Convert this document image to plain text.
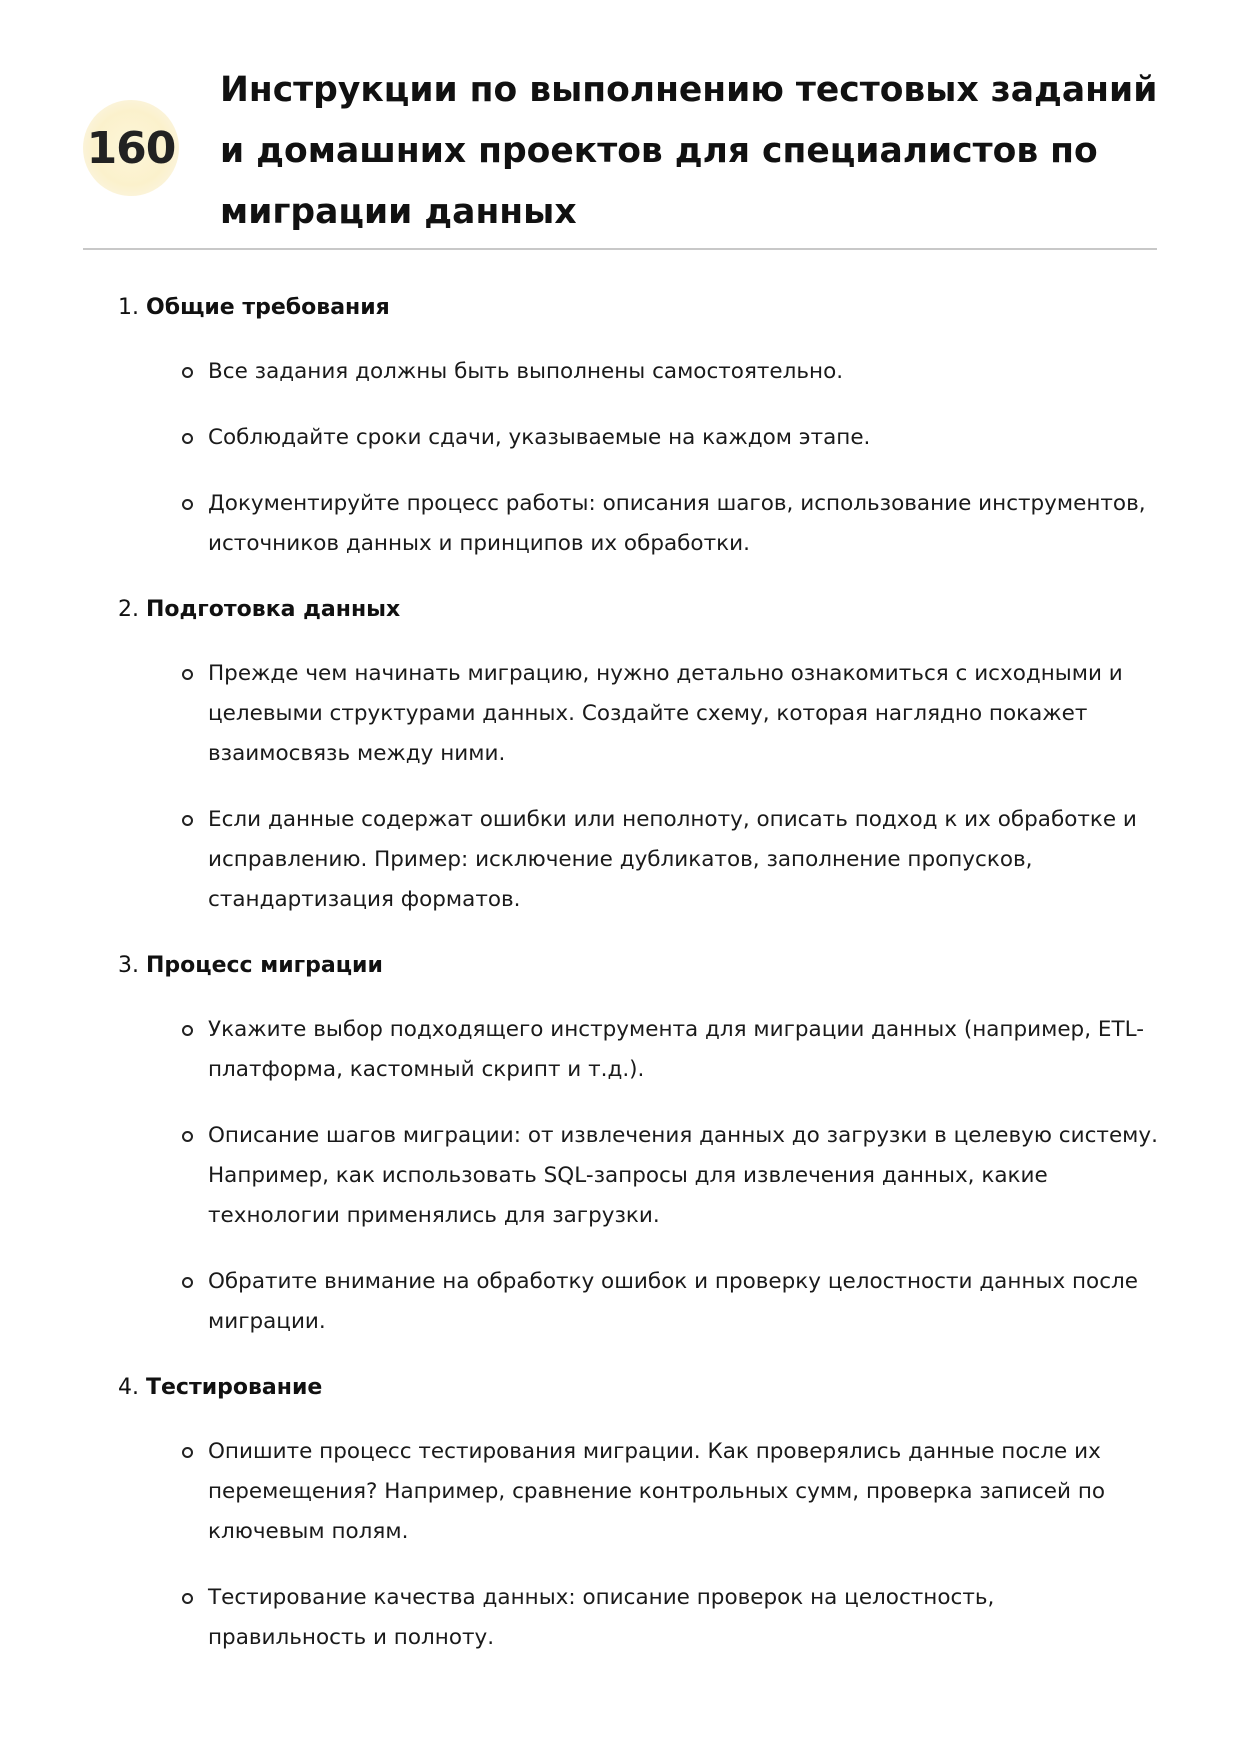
160
Инструкции по выполнению тестовых заданий и домашних проектов для специалистов по миграции данных
1. Общие требования
Все задания должны быть выполнены самостоятельно.
Соблюдайте сроки сдачи, указываемые на каждом этапе.
Документируйте процесс работы: описания шагов, использование инструментов, источников данных и принципов их обработки.
2. Подготовка данных
Прежде чем начинать миграцию, нужно детально ознакомиться с исходными и целевыми структурами данных. Создайте схему, которая наглядно покажет взаимосвязь между ними.
Если данные содержат ошибки или неполноту, описать подход к их обработке и исправлению. Пример: исключение дубликатов, заполнение пропусков, стандартизация форматов.
3. Процесс миграции
Укажите выбор подходящего инструмента для миграции данных (например, ETL-платформа, кастомный скрипт и т.д.).
Описание шагов миграции: от извлечения данных до загрузки в целевую систему. Например, как использовать SQL-запросы для извлечения данных, какие технологии применялись для загрузки.
Обратите внимание на обработку ошибок и проверку целостности данных после миграции.
4. Тестирование
Опишите процесс тестирования миграции. Как проверялись данные после их перемещения? Например, сравнение контрольных сумм, проверка записей по ключевым полям.
Тестирование качества данных: описание проверок на целостность, правильность и полноту.
